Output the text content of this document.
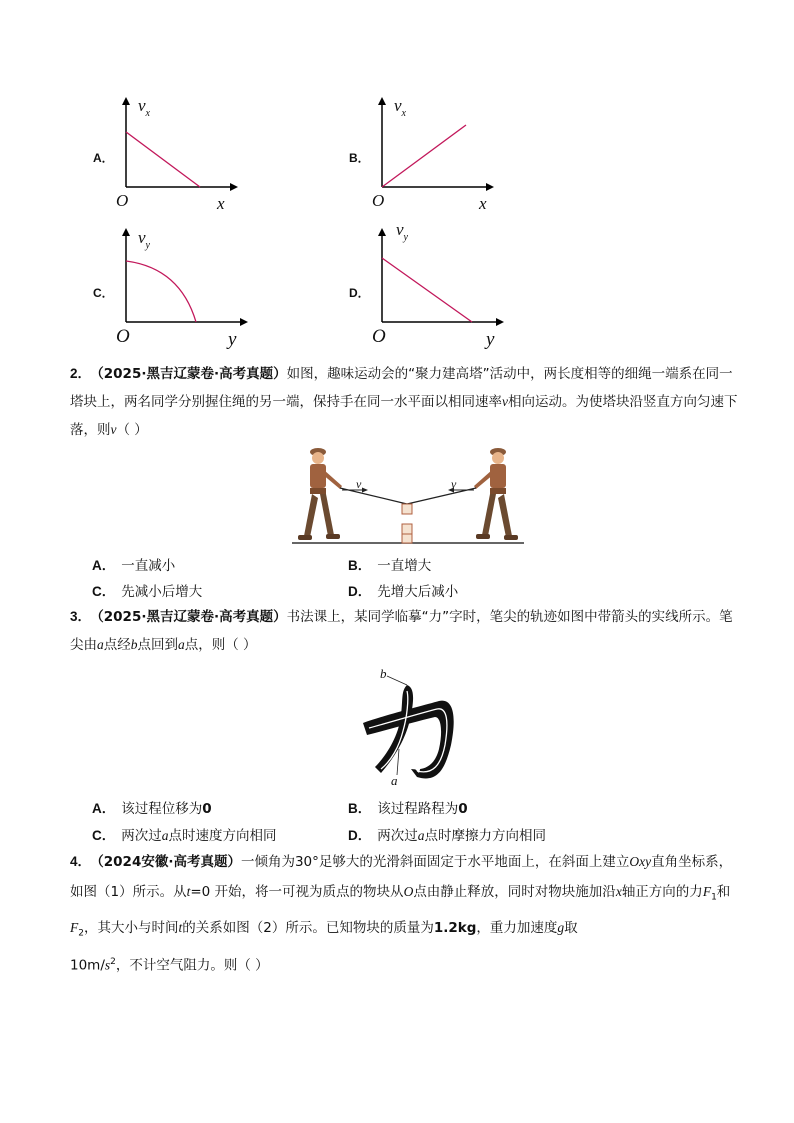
A．
$v_x$
O	x
B．
$v_x$
O	x
C．
$v_y$
O	y
D．
$v_y$
O	y
2． （2025·黑吉辽蒙卷·高考真题）如图，趣味运动会的“聚力建高塔”活动中，两长度相等的细绳一端系在同一塔块上，两名同学分别握住绳的另一端，保持手在同一水平面以相同速率v相向运动。为使塔块沿竖直方向匀速下落，则v（ ）
v	v
A． 一直减小	B． 一直增大
C． 先减小后增大	D． 先增大后减小
3． （2025·黑吉辽蒙卷·高考真题）书法课上，某同学临摹“力”字时，笔尖的轨迹如图中带箭头的实线所示。笔尖由a点经b点回到a点，则（ ）
b
a
A． 该过程位移为0	B． 该过程路程为0
C． 两次过a点时速度方向相同	D． 两次过a点时摩擦力方向相同
4． （2024安徽·高考真题）一倾角为30°足够大的光滑斜面固定于水平地面上，在斜面上建立Oxy直角坐标系，如图（1）所示。从t=0 开始，将一可视为质点的物块从O点由静止释放，同时对物块施加沿x轴正方向的力$F_1$和$F_2$，其大小与时间t的关系如图（2）所示。已知物块的质量为1.2kg，重力加速度g取
$10m/s^2$，不计空气阻力。则（ ）
